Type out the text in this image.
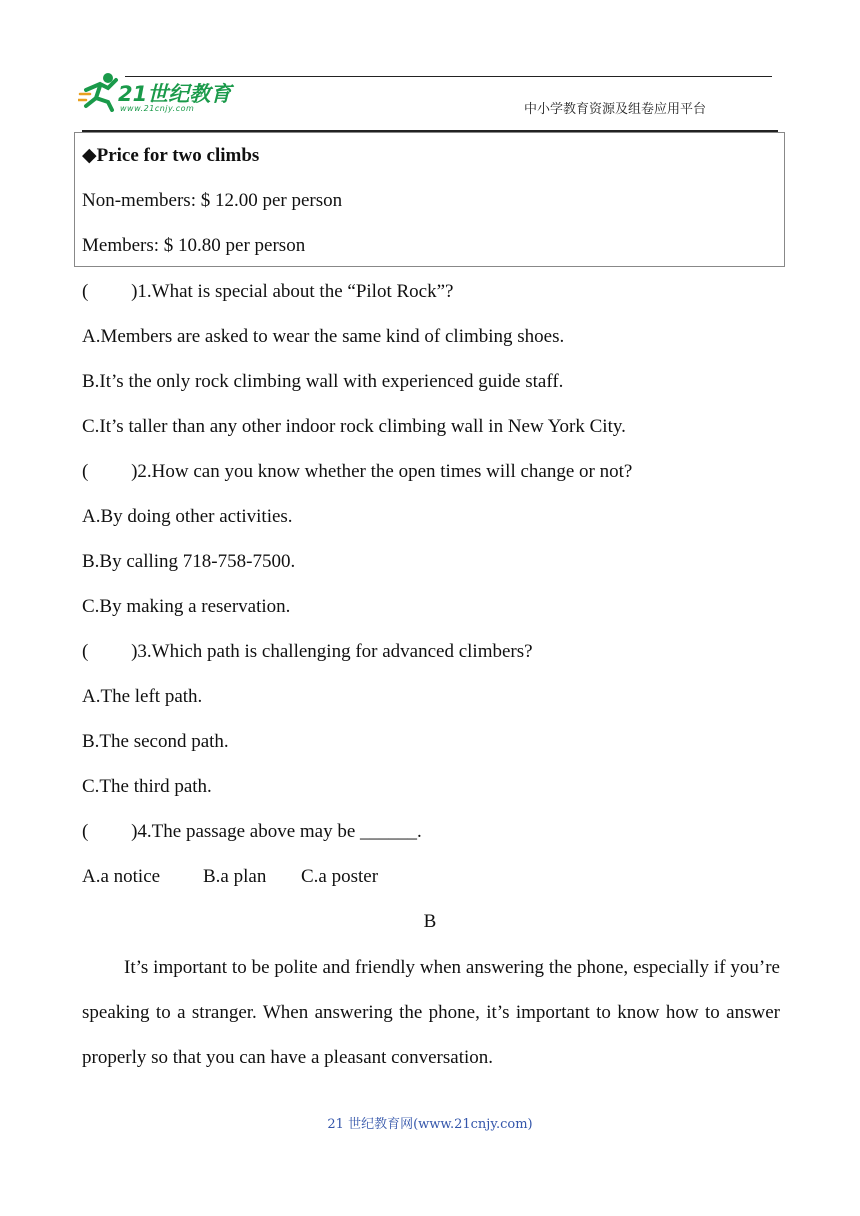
21世纪教育
www.21cnjy.com	中小学教育资源及组卷应用平台
◆Price for two climbs
Non-members: $ 12.00 per person
Members: $ 10.80 per person
(　　 )1.What is special about the “Pilot Rock”?
A.Members are asked to wear the same kind of climbing shoes.
B.It’s the only rock climbing wall with experienced guide staff.
C.It’s taller than any other indoor rock climbing wall in New York City.
(　　 )2.How can you know whether the open times will change or not?
A.By doing other activities.
B.By calling 718-758-7500.
C.By making a reservation.
(　　 )3.Which path is challenging for advanced climbers?
A.The left path.
B.The second path.
C.The third path.
(　　 )4.The passage above may be ______.
A.a notice B.a plan C.a poster
B
It’s important to be polite and friendly when answering the phone, especially if you’re speaking to a stranger. When answering the phone, it’s important to know how to answer properly so that you can have a pleasant conversation.
21 世纪教育网(www.21cnjy.com)
